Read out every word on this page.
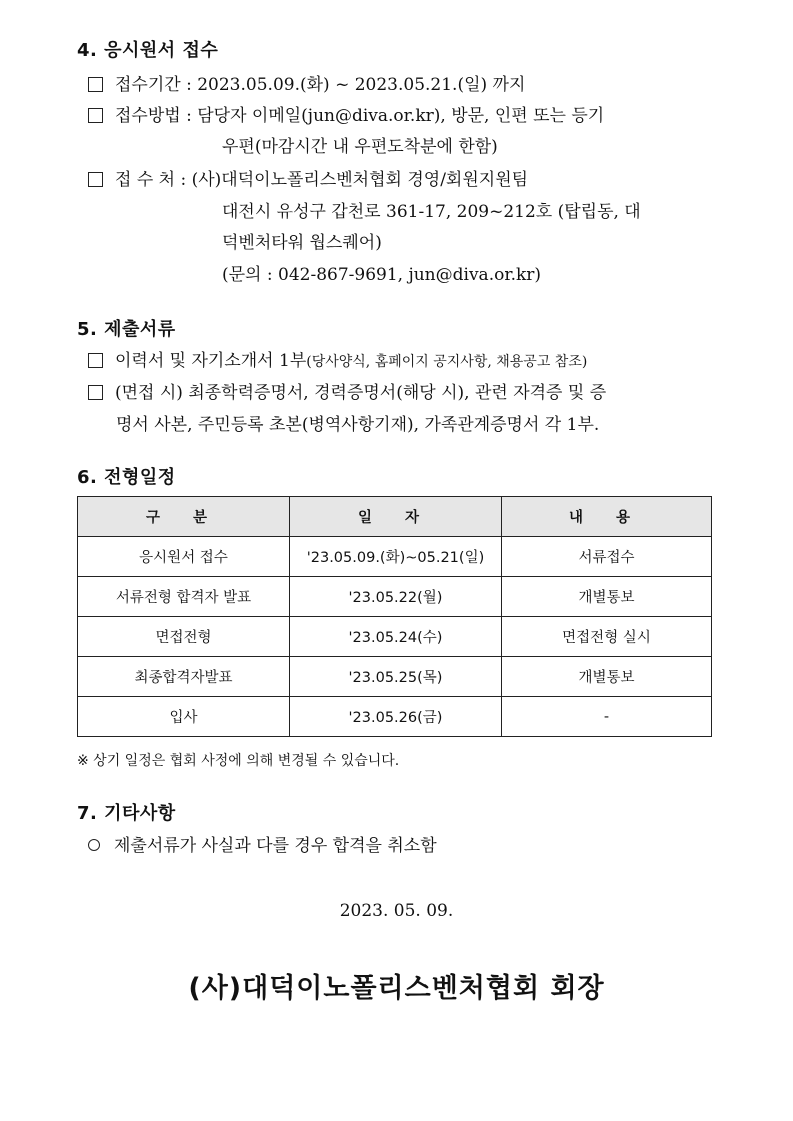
4. 응시원서 접수
접수기간 : 2023.05.09.(화) ~ 2023.05.21.(일) 까지
접수방법 : 담당자 이메일(jun@diva.or.kr), 방문, 인편 또는 등기
우편(마감시간 내 우편도착분에 한함)
접 수 처 : (사)대덕이노폴리스벤처협회 경영/회원지원팀
대전시 유성구 갑천로 361-17, 209~212호 (탑립동, 대
덕벤처타워 웝스퀘어)
(문의 : 042-867-9691, jun@diva.or.kr)
5. 제출서류
이력서 및 자기소개서 1부(당사양식, 홈페이지 공지사항, 채용공고 참조)
(면접 시) 최종학력증명서, 경력증명서(해당 시), 관련 자격증 및 증
명서 사본, 주민등록 초본(병역사항기재), 가족관계증명서 각 1부.
6. 전형일정
구 분	일 자	내 용
응시원서 접수	'23.05.09.(화)~05.21(일)	서류접수
서류전형 합격자 발표	'23.05.22(월)	개별통보
면접전형	'23.05.24(수)	면접전형 실시
최종합격자발표	'23.05.25(목)	개별통보
입사	'23.05.26(금)	-
※ 상기 일정은 협회 사정에 의해 변경될 수 있습니다.
7. 기타사항
제출서류가 사실과 다를 경우 합격을 취소함
2023. 05. 09.
(사)대덕이노폴리스벤처협회 회장
